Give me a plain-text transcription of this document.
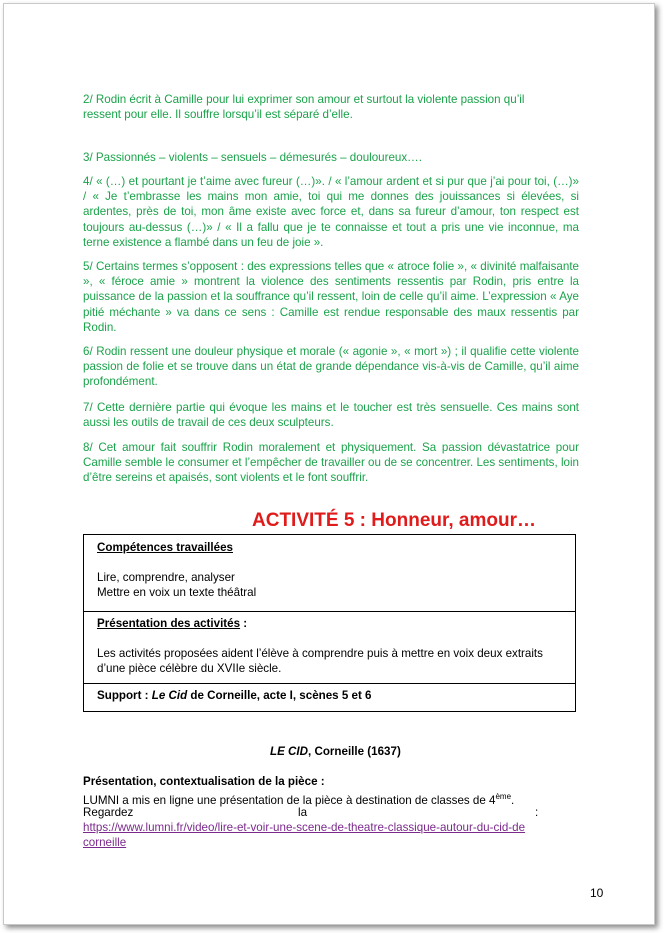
2/ Rodin écrit à Camille pour lui exprimer son amour et surtout la violente passion qu’il ressent pour elle. Il souffre lorsqu’il est séparé d’elle.

3/ Passionnés – violents – sensuels – démesurés – douloureux….

4/ « (…) et pourtant je t’aime avec fureur (…)». / « l’amour ardent et si pur que j’ai pour toi, (…)» / « Je t’embrasse les mains mon amie, toi qui me donnes des jouissances si élevées, si ardentes, près de toi, mon âme existe avec force et, dans sa fureur d’amour, ton respect est toujours au-dessus (…)» / « Il a fallu que je te connaisse et tout a pris une vie inconnue, ma terne existence a flambé dans un feu de joie ».

5/ Certains termes s’opposent : des expressions telles que « atroce folie », « divinité malfaisante », « féroce amie » montrent la violence des sentiments ressentis par Rodin, pris entre la puissance de la passion et la souffrance qu’il ressent, loin de celle qu’il aime. L’expression « Aye pitié méchante » va dans ce sens : Camille est rendue responsable des maux ressentis par Rodin.

6/ Rodin ressent une douleur physique et morale (« agonie », « mort ») ; il qualifie cette violente passion de folie et se trouve dans un état de grande dépendance vis-à-vis de Camille, qu’il aime profondément.

7/ Cette dernière partie qui évoque les mains et le toucher est très sensuelle. Ces mains sont aussi les outils de travail de ces deux sculpteurs.

8/ Cet amour fait souffrir Rodin moralement et physiquement. Sa passion dévastatrice pour Camille semble le consumer et l’empêcher de travailler ou de se concentrer. Les sentiments, loin d’être sereins et apaisés, sont violents et le font souffrir.

ACTIVITÉ 5 : Honneur, amour…
Compétences travaillées
Lire, comprendre, analyser
Mettre en voix un texte théâtral
Présentation des activités :
Les activités proposées aident l’élève à comprendre puis à mettre en voix deux extraits
d’une pièce célèbre du XVIIe siècle.
Support : Le Cid de Corneille, acte I, scènes 5 et 6
LE CID, Corneille (1637)
Présentation, contextualisation de la pièce :
LUMNI a mis en ligne une présentation de la pièce à destination de classes de 4ème.
Regardez	la	:
https://www.lumni.fr/video/lire-et-voir-une-scene-de-theatre-classique-autour-du-cid-de
corneille
10
